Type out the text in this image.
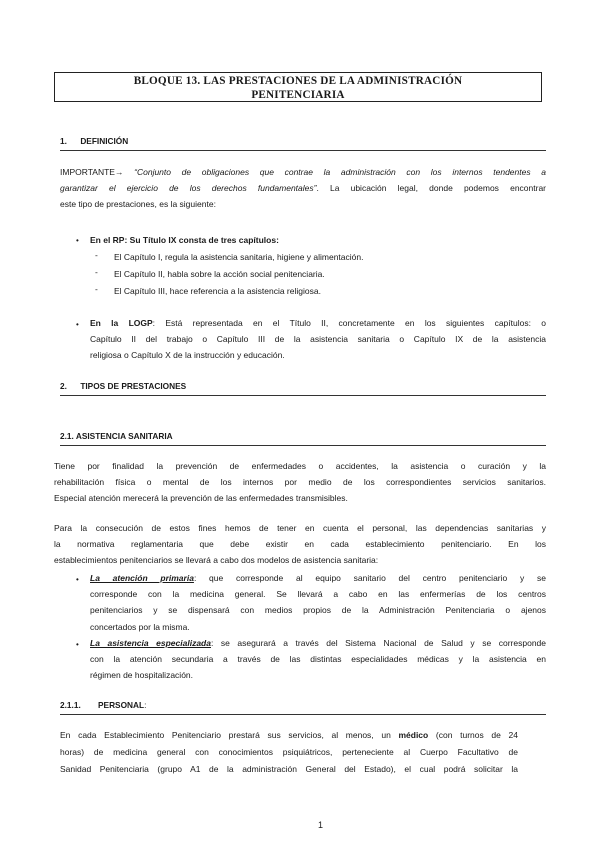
BLOQUE 13. LAS PRESTACIONES DE LA ADMINISTRACIÓN
PENITENCIARIA
1. DEFINICIÓN
IMPORTANTE→ “Conjunto de obligaciones que contrae la administración con los internos tendentes a
garantizar el ejercicio de los derechos fundamentales”. La ubicación legal, donde podemos encontrar
este tipo de prestaciones, es la siguiente:
• En el RP: Su Título IX consta de tres capítulos:
- El Capítulo I, regula la asistencia sanitaria, higiene y alimentación.
- El Capítulo II, habla sobre la acción social penitenciaria.
- El Capítulo III, hace referencia a la asistencia religiosa.
• En la LOGP: Está representada en el Título II, concretamente en los siguientes capítulos: o
Capítulo II del trabajo o Capítulo III de la asistencia sanitaria o Capítulo IX de la asistencia
religiosa o Capítulo X de la instrucción y educación.
2. TIPOS DE PRESTACIONES
2.1. ASISTENCIA SANITARIA
Tiene por finalidad la prevención de enfermedades o accidentes, la asistencia o curación y la
rehabilitación física o mental de los internos por medio de los correspondientes servicios sanitarios.
Especial atención merecerá la prevención de las enfermedades transmisibles.
Para la consecución de estos fines hemos de tener en cuenta el personal, las dependencias sanitarias y
la normativa reglamentaria que debe existir en cada establecimiento penitenciario. En los
establecimientos penitenciarios se llevará a cabo dos modelos de asistencia sanitaria:
• La atención primaria: que corresponde al equipo sanitario del centro penitenciario y se
corresponde con la medicina general. Se llevará a cabo en las enfermerías de los centros
penitenciarios y se dispensará con medios propios de la Administración Penitenciaria o ajenos
concertados por la misma.
• La asistencia especializada: se asegurará a través del Sistema Nacional de Salud y se corresponde
con la atención secundaria a través de las distintas especialidades médicas y la asistencia en
régimen de hospitalización.
2.1.1. PERSONAL:
En cada Establecimiento Penitenciario prestará sus servicios, al menos, un médico (con turnos de 24
horas) de medicina general con conocimientos psiquiátricos, perteneciente al Cuerpo Facultativo de
Sanidad Penitenciaria (grupo A1 de la administración General del Estado), el cual podrá solicitar la
1
